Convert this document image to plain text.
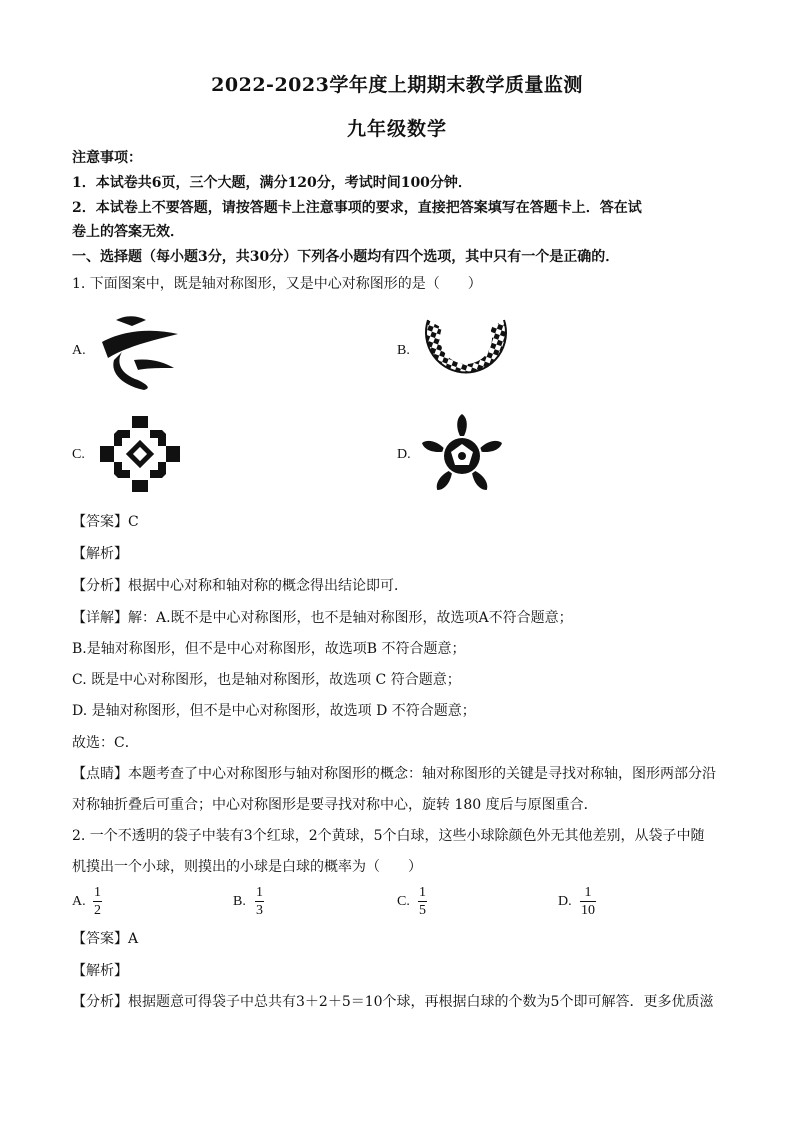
2022-2023学年度上期期末教学质量监测
九年级数学
注意事项：
1．本试卷共6页，三个大题，满分120分，考试时间100分钟．
2．本试卷上不要答题，请按答题卡上注意事项的要求，直接把答案填写在答题卡上．答在试
卷上的答案无效．
一、选择题（每小题3分，共30分）下列各小题均有四个选项，其中只有一个是正确的．
1. 下面图案中，既是轴对称图形，又是中心对称图形的是（　　）
A.	B.
C.	D.
【答案】C
【解析】
【分析】根据中心对称和轴对称的概念得出结论即可．
【详解】解：A.既不是中心对称图形，也不是轴对称图形，故选项A不符合题意；
B.是轴对称图形，但不是中心对称图形，故选项B 不符合题意；
C. 既是中心对称图形，也是轴对称图形，故选项 C 符合题意；
D. 是轴对称图形，但不是中心对称图形，故选项 D 不符合题意；
故选：C．
【点睛】本题考查了中心对称图形与轴对称图形的概念：轴对称图形的关键是寻找对称轴，图形两部分沿
对称轴折叠后可重合；中心对称图形是要寻找对称中心，旋转 180 度后与原图重合．
2. 一个不透明的袋子中装有3个红球，2个黄球，5个白球，这些小球除颜色外无其他差别，从袋子中随
机摸出一个小球，则摸出的小球是白球的概率为（　　）
A.
1
2
B.
1
3
C.
1
5
D.
1
10
【答案】A
【解析】
【分析】根据题意可得袋子中总共有3＋2＋5＝10个球，再根据白球的个数为5个即可解答．更多优质滋
